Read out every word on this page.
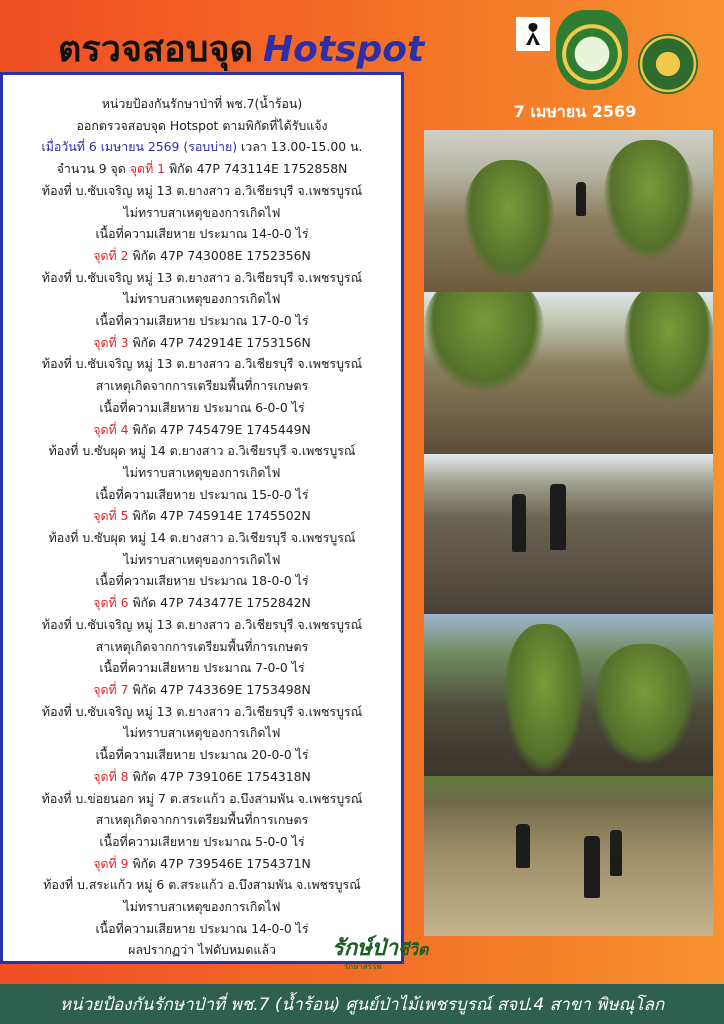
ตรวจสอบจุด Hotspot
7 เมษายน 2569
หน่วยป้องกันรักษาป่าที่ พช.7(น้ำร้อน)
ออกตรวจสอบจุด Hotspot ตามพิกัดที่ได้รับแจ้ง
เมื่อวันที่ 6 เมษายน 2569 (รอบบ่าย) เวลา 13.00-15.00 น.
จำนวน 9 จุด จุดที่ 1 พิกัด 47P 743114E 1752858N
ท้องที่ บ.ซับเจริญ หมู่ 13 ต.ยางสาว อ.วิเชียรบุรี จ.เพชรบูรณ์
ไม่ทราบสาเหตุของการเกิดไฟ
เนื้อที่ความเสียหาย ประมาณ 14-0-0 ไร่
จุดที่ 2 พิกัด 47P 743008E 1752356N
ท้องที่ บ.ซับเจริญ หมู่ 13 ต.ยางสาว อ.วิเชียรบุรี จ.เพชรบูรณ์
ไม่ทราบสาเหตุของการเกิดไฟ
เนื้อที่ความเสียหาย ประมาณ 17-0-0 ไร่
จุดที่ 3 พิกัด 47P 742914E 1753156N
ท้องที่ บ.ซับเจริญ หมู่ 13 ต.ยางสาว อ.วิเชียรบุรี จ.เพชรบูรณ์
สาเหตุเกิดจากการเตรียมพื้นที่การเกษตร
เนื้อที่ความเสียหาย ประมาณ 6-0-0 ไร่
จุดที่ 4 พิกัด 47P 745479E 1745449N
ท้องที่ บ.ซับผุด หมู่ 14 ต.ยางสาว อ.วิเชียรบุรี จ.เพชรบูรณ์
ไม่ทราบสาเหตุของการเกิดไฟ
เนื้อที่ความเสียหาย ประมาณ 15-0-0 ไร่
จุดที่ 5 พิกัด 47P 745914E 1745502N
ท้องที่ บ.ซับผุด หมู่ 14 ต.ยางสาว อ.วิเชียรบุรี จ.เพชรบูรณ์
ไม่ทราบสาเหตุของการเกิดไฟ
เนื้อที่ความเสียหาย ประมาณ 18-0-0 ไร่
จุดที่ 6 พิกัด 47P 743477E 1752842N
ท้องที่ บ.ซับเจริญ หมู่ 13 ต.ยางสาว อ.วิเชียรบุรี จ.เพชรบูรณ์
สาเหตุเกิดจากการเตรียมพื้นที่การเกษตร
เนื้อที่ความเสียหาย ประมาณ 7-0-0 ไร่
จุดที่ 7 พิกัด 47P 743369E 1753498N
ท้องที่ บ.ซับเจริญ หมู่ 13 ต.ยางสาว อ.วิเชียรบุรี จ.เพชรบูรณ์
ไม่ทราบสาเหตุของการเกิดไฟ
เนื้อที่ความเสียหาย ประมาณ 20-0-0 ไร่
จุดที่ 8 พิกัด 47P 739106E 1754318N
ท้องที่ บ.ข่อยนอก หมู่ 7 ต.สระแก้ว อ.บึงสามพัน จ.เพชรบูรณ์
สาเหตุเกิดจากการเตรียมพื้นที่การเกษตร
เนื้อที่ความเสียหาย ประมาณ 5-0-0 ไร่
จุดที่ 9 พิกัด 47P 739546E 1754371N
ท้องที่ บ.สระแก้ว หมู่ 6 ต.สระแก้ว อ.บึงสามพัน จ.เพชรบูรณ์
ไม่ทราบสาเหตุของการเกิดไฟ
เนื้อที่ความเสียหาย ประมาณ 14-0-0 ไร่
ผลปรากฏว่า ไฟดับหมดแล้ว	รักษ์ป่าชีวิต
รักษาสรรพ
หน่วยป้องกันรักษาป่าที่ พช.7 (น้ำร้อน) ศูนย์ป่าไม้เพชรบูรณ์ สจป.4 สาขา พิษณุโลก
